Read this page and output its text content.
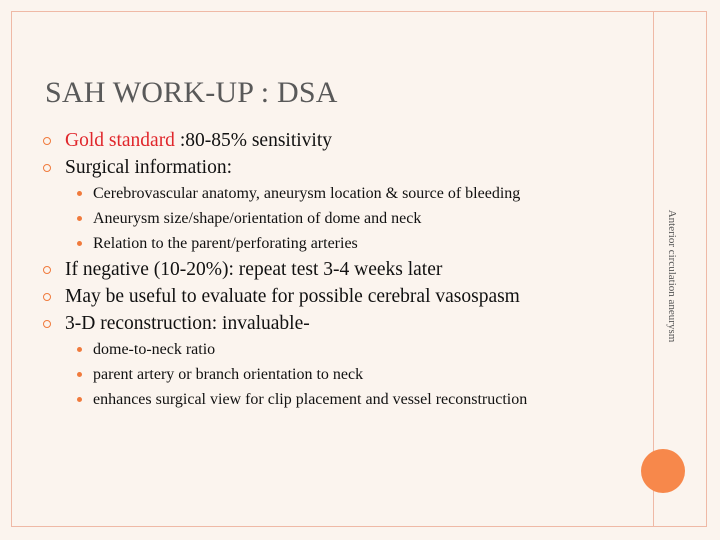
SAH WORK-UP : DSA
Gold standard :80-85% sensitivity
Surgical information:
Cerebrovascular anatomy, aneurysm location & source of bleeding
Aneurysm size/shape/orientation of dome and neck
Relation to the parent/perforating arteries
If negative (10-20%): repeat test 3-4 weeks later
May be useful to evaluate for possible cerebral vasospasm
3-D reconstruction: invaluable-
dome-to-neck ratio
parent artery or branch orientation to neck
enhances surgical view for clip placement and vessel reconstruction
Anterior circulation aneurysm
